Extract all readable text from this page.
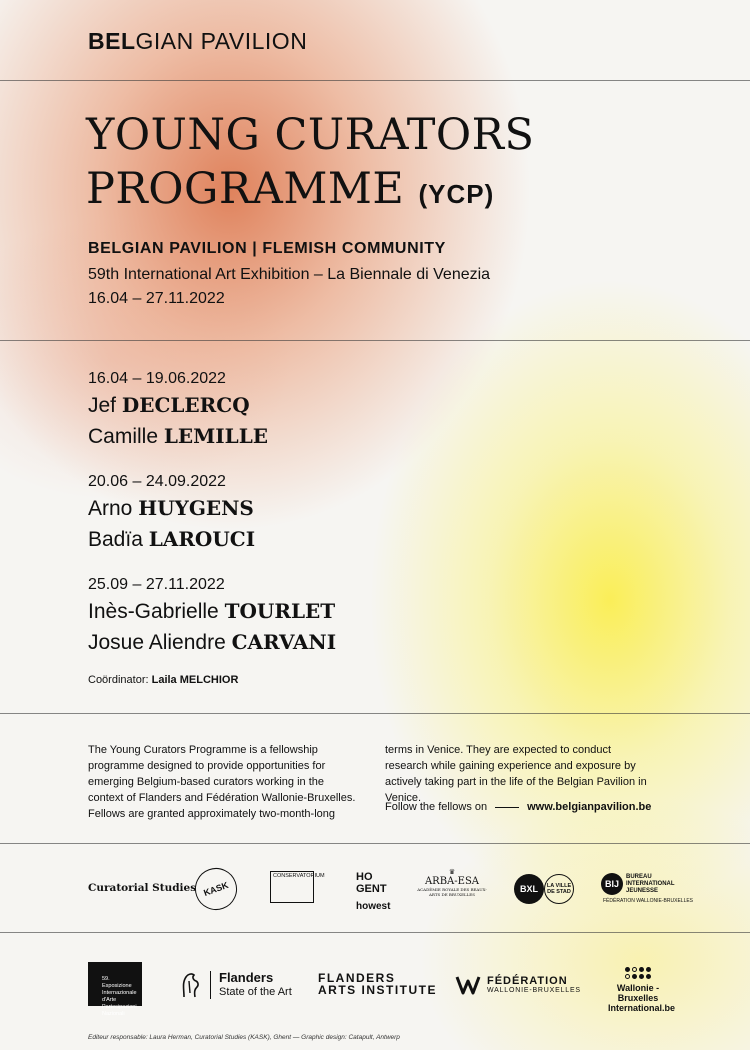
BELGIAN PAVILION
YOUNG CURATORS
PROGRAMME (YCP)
BELGIAN PAVILION | FLEMISH COMMUNITY
59th International Art Exhibition – La Biennale di Venezia
16.04 – 27.11.2022
16.04 – 19.06.2022
Jef DECLERCQ
Camille LEMILLE
20.06 – 24.09.2022
Arno HUYGENS
Badïa LAROUCI
25.09 – 27.11.2022
Inès-Gabrielle TOURLET
Josue Aliendre CARVANI
Coördinator: Laila MELCHIOR
The Young Curators Programme is a fellowship programme designed to provide opportunities for emerging Belgium-based curators working in the context of Flanders and Fédération Wallonie-Bruxelles. Fellows are granted approximately two-month-long
terms in Venice. They are expected to conduct research while gaining experience and exposure by actively taking part in the life of the Belgian Pavilion in Venice.
Follow the fellows on	www.belgianpavilion.be
Curatorial Studies KASK
CONSERVATORIUM	HO
GENT
howest
♛
ARBA-ESA
ACADÉMIE ROYALE DES BEAUX-ARTS DE BRUXELLES
BXL	LA VILLE DE STAD
BIJ
BUREAU INTERNATIONAL JEUNESSE
FÉDÉRATION WALLONIE-BRUXELLES
59. Esposizione Internazionale d'Arte Partecipazioni Nazionali
Flanders
State of the Art
FLANDERS
ARTS INSTITUTE
FÉDÉRATION
WALLONIE-BRUXELLES	Wallonie - Bruxelles
International.be
Editeur responsable: Laura Herman, Curatorial Studies (KASK), Ghent — Graphic design: Catapult, Antwerp
